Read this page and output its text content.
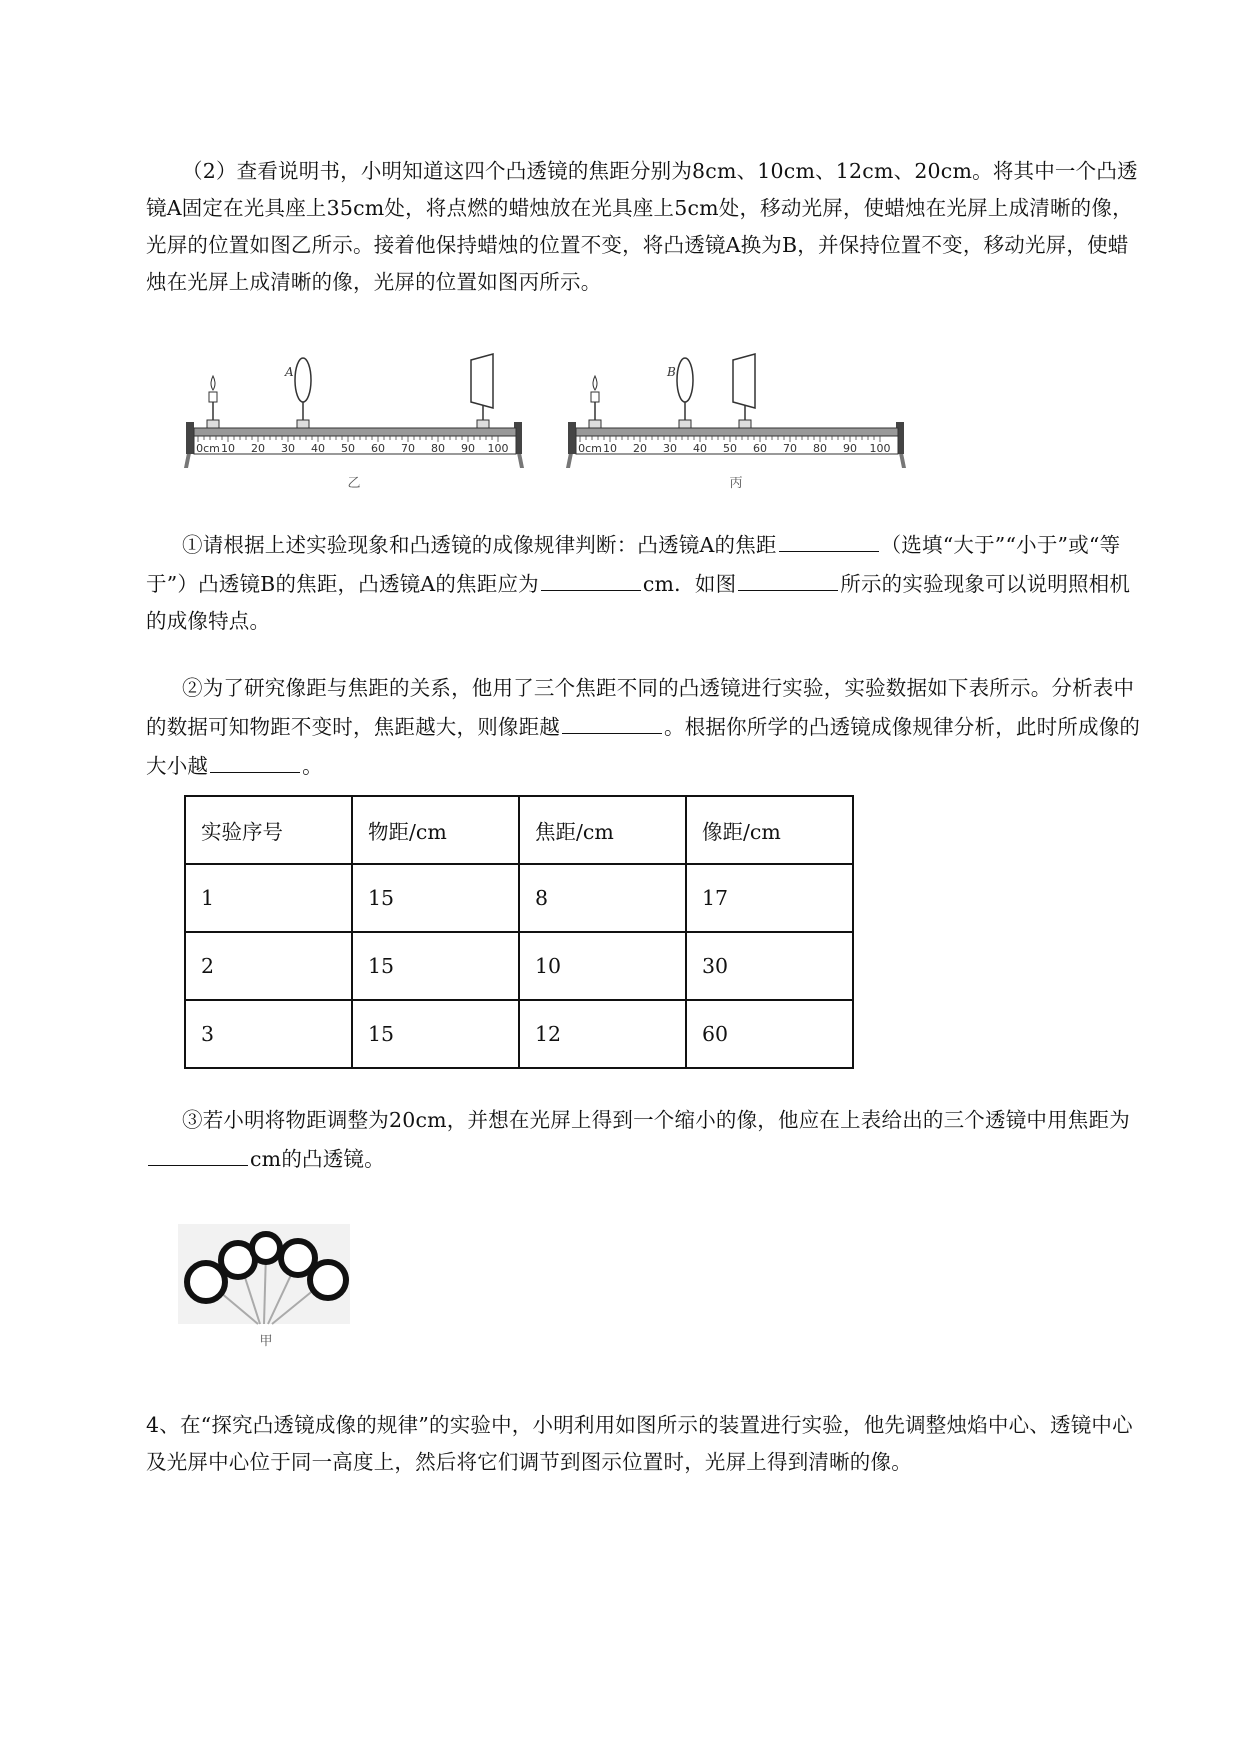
（2）查看说明书，小明知道这四个凸透镜的焦距分别为8cm、10cm、12cm、20cm。将其中一个凸透镜A固定在光具座上35cm处，将点燃的蜡烛放在光具座上5cm处，移动光屏，使蜡烛在光屏上成清晰的像，光屏的位置如图乙所示。接着他保持蜡烛的位置不变，将凸透镜A换为B，并保持位置不变，移动光屏，使蜡烛在光屏上成清晰的像，光屏的位置如图丙所示。

0cm 10 20 30 40 50 60 70 80 90 100
A
乙
0cm 10 20 30 40 50 60 70 80 90 100
B
丙

①请根据上述实验现象和凸透镜的成像规律判断：凸透镜A的焦距	（选填“大于”“小于”或“等于”）凸透镜B的焦距，凸透镜A的焦距应为	cm．如图	所示的实验现象可以说明照相机的成像特点。

②为了研究像距与焦距的关系，他用了三个焦距不同的凸透镜进行实验，实验数据如下表所示。分析表中的数据可知物距不变时，焦距越大，则像距越	。根据你所学的凸透镜成像规律分析，此时所成像的大小越	。

实验序号	物距/cm	焦距/cm	像距/cm
1	15	8	17
2	15	10	30
3	15	12	60

③若小明将物距调整为20cm，并想在光屏上得到一个缩小的像，他应在上表给出的三个透镜中用焦距为cm的凸透镜。

甲

4、在“探究凸透镜成像的规律”的实验中，小明利用如图所示的装置进行实验，他先调整烛焰中心、透镜中心及光屏中心位于同一高度上，然后将它们调节到图示位置时，光屏上得到清晰的像。
